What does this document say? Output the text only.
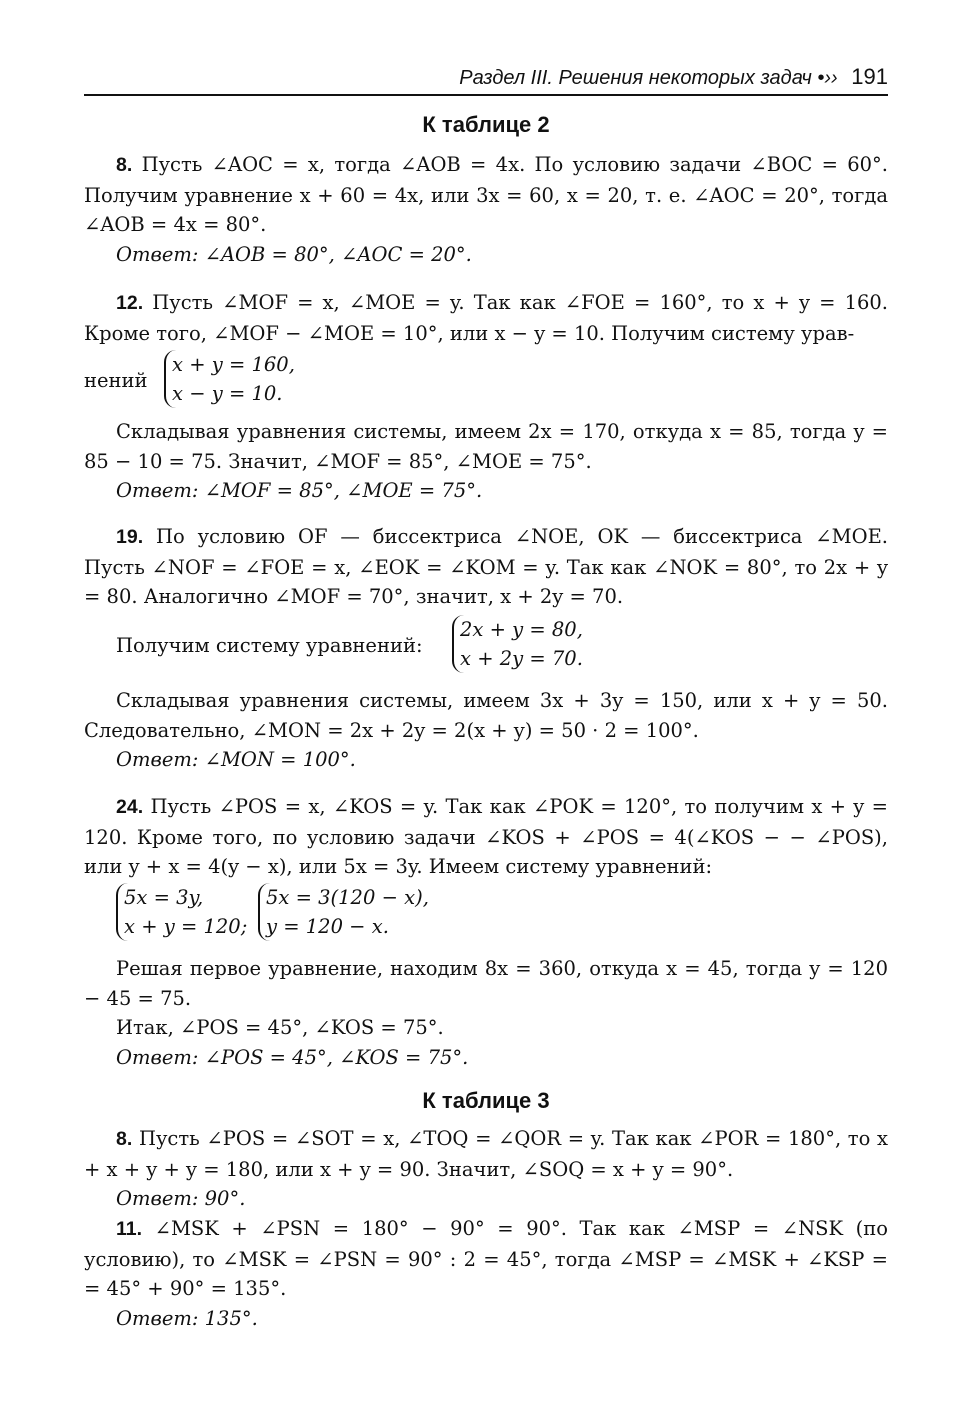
Раздел III. Решения некоторых задач •›› 191
К таблице 2

8. Пусть ∠AOC = x, тогда ∠AOB = 4x. По условию задачи ∠BOC = 60°. Получим уравнение x + 60 = 4x, или 3x = 60, x = 20, т. е. ∠AOC = 20°, тогда ∠AOB = 4x = 80°.

Ответ: ∠AOB = 80°, ∠AOC = 20°.

12. Пусть ∠MOF = x, ∠MOE = y. Так как ∠FOE = 160°, то x + y = 160. Кроме того, ∠MOF − ∠MOE = 10°, или x − y = 10. Получим систему урав-

нений
x + y = 160,
x − y = 10.

Складывая уравнения системы, имеем 2x = 170, откуда x = 85, тогда y = 85 − 10 = 75. Значит, ∠MOF = 85°, ∠MOE = 75°.

Ответ: ∠MOF = 85°, ∠MOE = 75°.

19. По условию OF — биссектриса ∠NOE, OK — биссектриса ∠MOE. Пусть ∠NOF = ∠FOE = x, ∠EOK = ∠KOM = y. Так как ∠NOK = 80°, то 2x + y = 80. Аналогично ∠MOF = 70°, значит, x + 2y = 70.

Получим систему уравнений:
2x + y = 80,
x + 2y = 70.

Складывая уравнения системы, имеем 3x + 3y = 150, или x + y = 50. Следовательно, ∠MON = 2x + 2y = 2(x + y) = 50 · 2 = 100°.

Ответ: ∠MON = 100°.

24. Пусть ∠POS = x, ∠KOS = y. Так как ∠POK = 120°, то получим x + y = 120. Кроме того, по условию задачи ∠KOS + ∠POS = 4(∠KOS − − ∠POS), или y + x = 4(y − x), или 5x = 3y. Имеем систему уравнений:

5x = 3y,
x + y = 120;
5x = 3(120 − x),
y = 120 − x.

Решая первое уравнение, находим 8x = 360, откуда x = 45, тогда y = 120 − 45 = 75.

Итак, ∠POS = 45°, ∠KOS = 75°.

Ответ: ∠POS = 45°, ∠KOS = 75°.

К таблице 3

8. Пусть ∠POS = ∠SOT = x, ∠TOQ = ∠QOR = y. Так как ∠POR = 180°, то x + x + y + y = 180, или x + y = 90. Значит, ∠SOQ = x + y = 90°.

Ответ: 90°.

11. ∠MSK + ∠PSN = 180° − 90° = 90°. Так как ∠MSP = ∠NSK (по условию), то ∠MSK = ∠PSN = 90° : 2 = 45°, тогда ∠MSP = ∠MSK + ∠KSP = = 45° + 90° = 135°.

Ответ: 135°.
